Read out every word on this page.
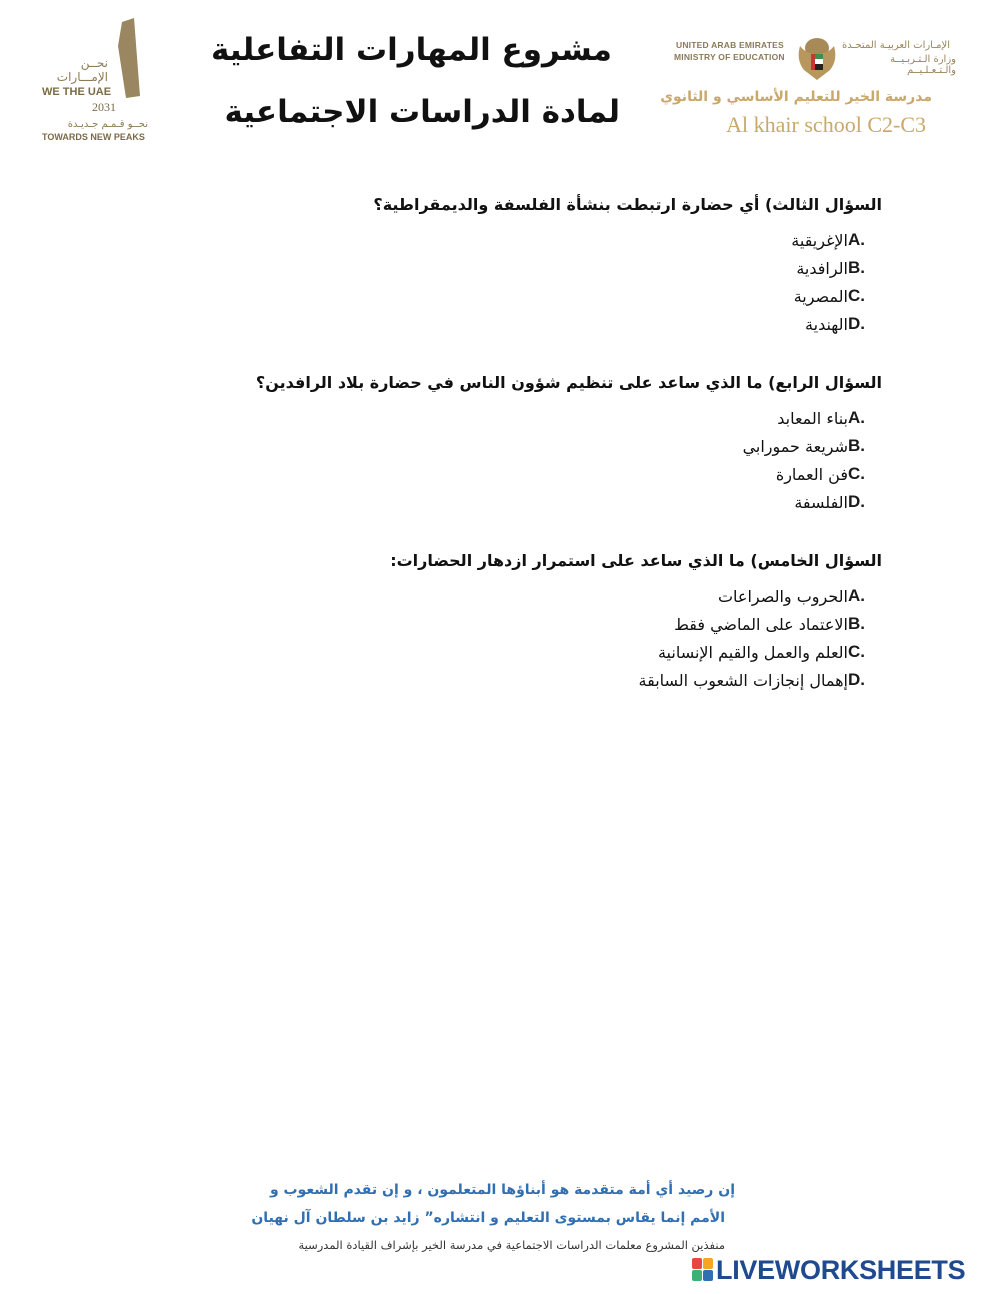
نحــن
الإمـــارات
WE THE UAE
2031
نحــو قـمـم جـديـدة
TOWARDS NEW PEAKS
مشروع المهارات التفاعلية
لمادة الدراسات الاجتماعية
UNITED ARAB EMIRATES
MINISTRY OF EDUCATION
الإمـارات العربيـة المتحـدة
وزارة الـتـربـيــة والـتـعـلـيــم
مدرسة الخير للتعليم الأساسي و الثانوي
Al khair school C2-C3
السؤال الثالث) أي حضارة ارتبطت بنشأة الفلسفة والديمقراطية؟
A.
الإغريقية
B.
الرافدية
C.
المصرية
D.
الهندية
السؤال الرابع) ما الذي ساعد على تنظيم شؤون الناس في حضارة بلاد الرافدين؟
A.
بناء المعابد
B.
شريعة حمورابي
C.
فن العمارة
D.
الفلسفة
السؤال الخامس) ما الذي ساعد على استمرار ازدهار الحضارات:
A.
الحروب والصراعات
B.
الاعتماد على الماضي فقط
C.
العلم والعمل والقيم الإنسانية
D.
إهمال إنجازات الشعوب السابقة
إن رصيد أي أمة متقدمة هو أبناؤها المتعلمون ، و إن تقدم الشعوب و
الأمم إنما يقاس بمستوى التعليم و انتشاره” زايد بن سلطان آل نهيان
منفذين المشروع معلمات الدراسات الاجتماعية في مدرسة الخير بإشراف القيادة المدرسية
LIVEWORKSHEETS
